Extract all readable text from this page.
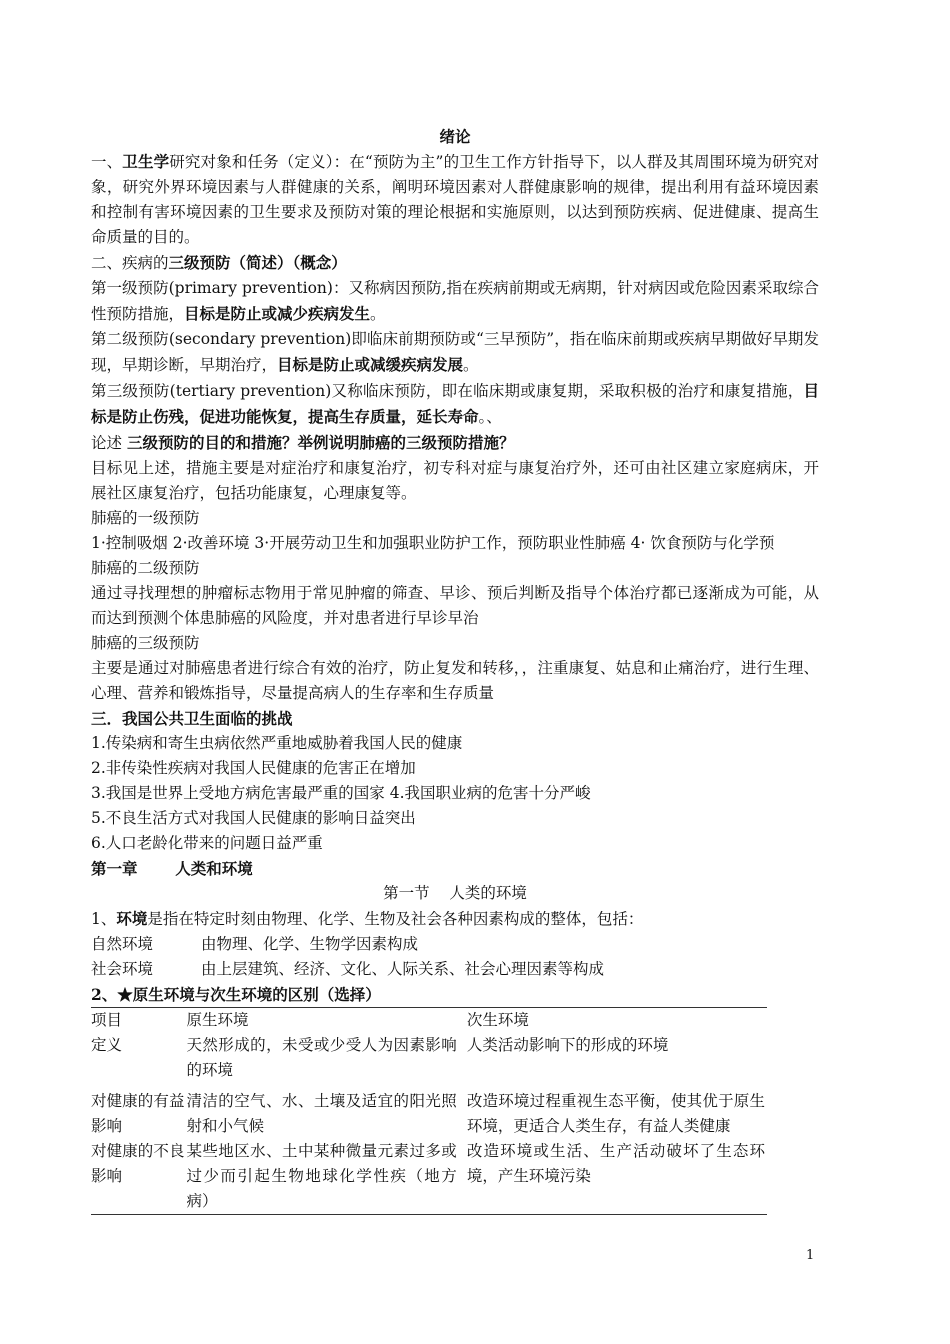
绪论

一、卫生学研究对象和任务（定义）：在“预防为主”的卫生工作方针指导下，以人群及其周围环境为研究对象，研究外界环境因素与人群健康的关系，阐明环境因素对人群健康影响的规律，提出利用有益环境因素和控制有害环境因素的卫生要求及预防对策的理论根据和实施原则，以达到预防疾病、促进健康、提高生命质量的目的。

二、疾病的三级预防（简述）（概念）

第一级预防(primary prevention)：又称病因预防,指在疾病前期或无病期，针对病因或危险因素采取综合性预防措施，目标是防止或减少疾病发生。

第二级预防(secondary prevention)即临床前期预防或“三早预防”，指在临床前期或疾病早期做好早期发现，早期诊断，早期治疗，目标是防止或减缓疾病发展。

第三级预防(tertiary prevention)又称临床预防，即在临床期或康复期，采取积极的治疗和康复措施，目标是防止伤残，促进功能恢复，提高生存质量，延长寿命。、

论述 三级预防的目的和措施？举例说明肺癌的三级预防措施？

目标见上述，措施主要是对症治疗和康复治疗，初专科对症与康复治疗外，还可由社区建立家庭病床，开展社区康复治疗，包括功能康复，心理康复等。

肺癌的一级预防

1·控制吸烟 2·改善环境 3·开展劳动卫生和加强职业防护工作，预防职业性肺癌 4· 饮食预防与化学预

肺癌的二级预防

通过寻找理想的肿瘤标志物用于常见肿瘤的筛查、早诊、预后判断及指导个体治疗都已逐渐成为可能，从而达到预测个体患肺癌的风险度，并对患者进行早诊早治

肺癌的三级预防

主要是通过对肺癌患者进行综合有效的治疗，防止复发和转移，，注重康复、姑息和止痛治疗，进行生理、心理、营养和锻炼指导，尽量提高病人的生存率和生存质量

三．我国公共卫生面临的挑战

1.传染病和寄生虫病依然严重地威胁着我国人民的健康

2.非传染性疾病对我国人民健康的危害正在增加

3.我国是世界上受地方病危害最严重的国家 4.我国职业病的危害十分严峻

5.不良生活方式对我国人民健康的影响日益突出

6.人口老龄化带来的问题日益严重

第一章       人类和环境

第一节    人类的环境

1、环境是指在特定时刻由物理、化学、生物及社会各种因素构成的整体，包括：

自然环境	由物理、化学、生物学因素构成
社会环境	由上层建筑、经济、文化、人际关系、社会心理因素等构成

2、★原生环境与次生环境的区别（选择）

项目	原生环境	次生环境
定义	天然形成的，未受或少受人为因素影响的环境	人类活动影响下的形成的环境
对健康的有益影响	清洁的空气、水、土壤及适宜的阳光照射和小气候	改造环境过程重视生态平衡，使其优于原生环境，更适合人类生存，有益人类健康
对健康的不良影响	某些地区水、土中某种微量元素过多或过少而引起生物地球化学性疾（地方病）	改造环境或生活、生产活动破坏了生态环境，产生环境污染
1
